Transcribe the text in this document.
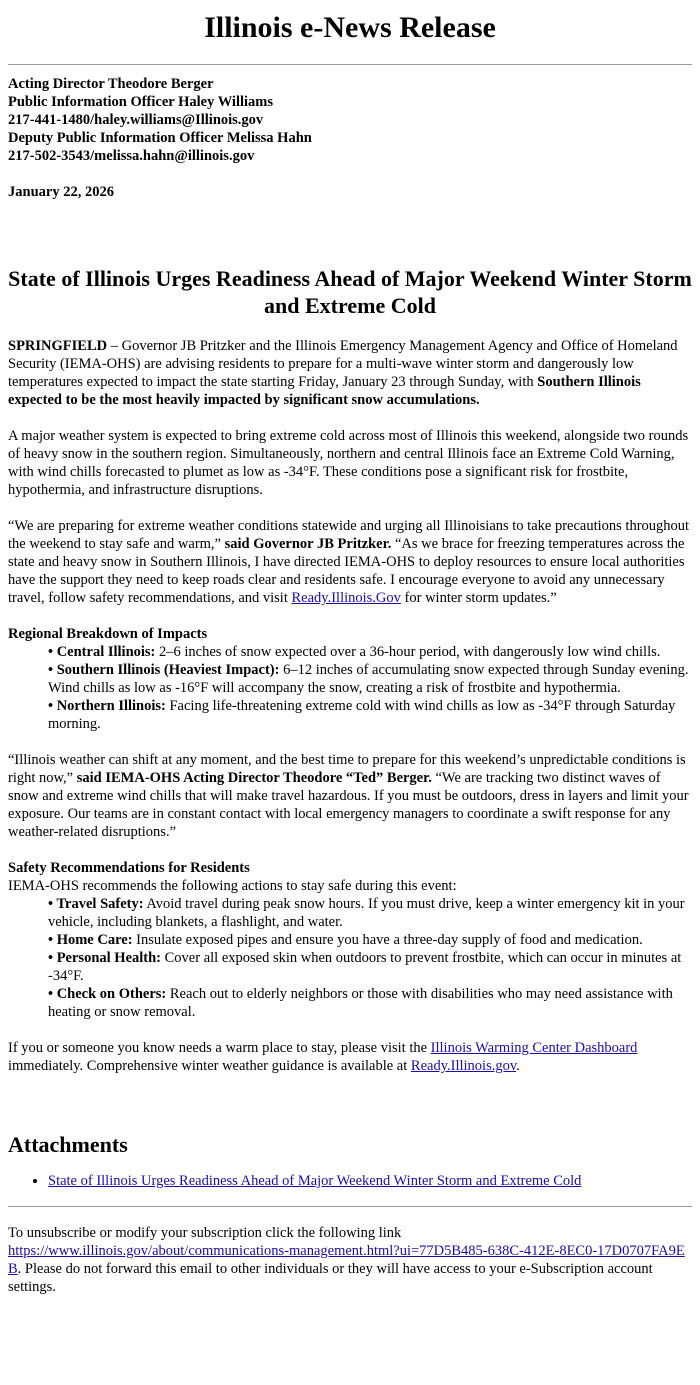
Illinois e-News Release
Acting Director Theodore Berger
Public Information Officer Haley Williams
217-441-1480/haley.williams@Illinois.gov
Deputy Public Information Officer Melissa Hahn
217-502-3543/melissa.hahn@illinois.gov
January 22, 2026
State of Illinois Urges Readiness Ahead of Major Weekend Winter Storm and Extreme Cold

SPRINGFIELD – Governor JB Pritzker and the Illinois Emergency Management Agency and Office of Homeland Security (IEMA-OHS) are advising residents to prepare for a multi-wave winter storm and dangerously low temperatures expected to impact the state starting Friday, January 23 through Sunday, with Southern Illinois expected to be the most heavily impacted by significant snow accumulations.

A major weather system is expected to bring extreme cold across most of Illinois this weekend, alongside two rounds of heavy snow in the southern region. Simultaneously, northern and central Illinois face an Extreme Cold Warning, with wind chills forecasted to plumet as low as -34°F. These conditions pose a significant risk for frostbite, hypothermia, and infrastructure disruptions.

“We are preparing for extreme weather conditions statewide and urging all Illinoisians to take precautions throughout the weekend to stay safe and warm,” said Governor JB Pritzker. “As we brace for freezing temperatures across the state and heavy snow in Southern Illinois, I have directed IEMA-OHS to deploy resources to ensure local authorities have the support they need to keep roads clear and residents safe. I encourage everyone to avoid any unnecessary travel, follow safety recommendations, and visit Ready.Illinois.Gov for winter storm updates.”

Regional Breakdown of Impacts
• Central Illinois: 2–6 inches of snow expected over a 36-hour period, with dangerously low wind chills.
• Southern Illinois (Heaviest Impact): 6–12 inches of accumulating snow expected through Sunday evening. Wind chills as low as -16°F will accompany the snow, creating a risk of frostbite and hypothermia.
• Northern Illinois: Facing life-threatening extreme cold with wind chills as low as -34°F through Saturday morning.

“Illinois weather can shift at any moment, and the best time to prepare for this weekend’s unpredictable conditions is right now,” said IEMA-OHS Acting Director Theodore “Ted” Berger. “We are tracking two distinct waves of snow and extreme wind chills that will make travel hazardous. If you must be outdoors, dress in layers and limit your exposure. Our teams are in constant contact with local emergency managers to coordinate a swift response for any weather-related disruptions.”

Safety Recommendations for Residents
IEMA-OHS recommends the following actions to stay safe during this event:
• Travel Safety: Avoid travel during peak snow hours. If you must drive, keep a winter emergency kit in your vehicle, including blankets, a flashlight, and water.
• Home Care: Insulate exposed pipes and ensure you have a three-day supply of food and medication.
• Personal Health: Cover all exposed skin when outdoors to prevent frostbite, which can occur in minutes at -34°F.
• Check on Others: Reach out to elderly neighbors or those with disabilities who may need assistance with heating or snow removal.

If you or someone you know needs a warm place to stay, please visit the Illinois Warming Center Dashboard immediately. Comprehensive winter weather guidance is available at Ready.Illinois.gov.

Attachments
• State of Illinois Urges Readiness Ahead of Major Weekend Winter Storm and Extreme Cold
To unsubscribe or modify your subscription click the following link
https://www.illinois.gov/about/communications-management.html?ui=77D5B485-638C-412E-8EC0-17D0707FA9EB. Please do not forward this email to other individuals or they will have access to your e-Subscription account settings.
